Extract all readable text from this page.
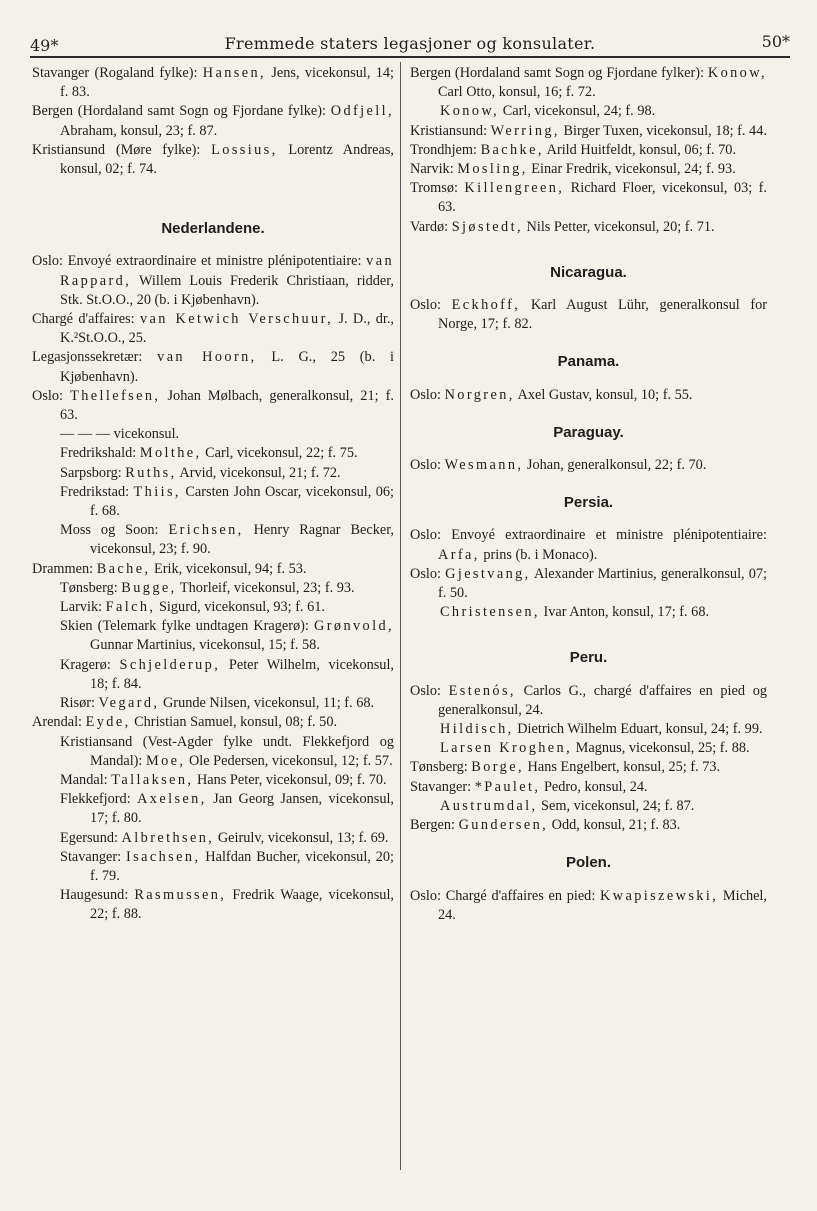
49*	Fremmede staters legasjoner og konsulater.	50*

Stavanger (Rogaland fylke): Hansen, Jens, vicekonsul, 14; f. 83.

Bergen (Hordaland samt Sogn og Fjordane fylke): Odfjell, Abraham, konsul, 23; f. 87.

Kristiansund (Møre fylke): Lossius, Lorentz Andreas, konsul, 02; f. 74.

Nederlandene.

Oslo: Envoyé extraordinaire et ministre plénipotentiaire: van Rappard, Willem Louis Frederik Christiaan, ridder, Stk. St.O.O., 20 (b. i Kjøbenhavn).

Chargé d'affaires: van Ketwich Verschuur, J. D., dr., K.²St.O.O., 25.

Legasjonssekretær: van Hoorn, L. G., 25 (b. i Kjøbenhavn).

Oslo: Thellefsen, Johan Mølbach, generalkonsul, 21; f. 63.

— — — vicekonsul.

Fredrikshald: Molthe, Carl, vicekonsul, 22; f. 75.

Sarpsborg: Ruths, Arvid, vicekonsul, 21; f. 72.

Fredrikstad: Thiis, Carsten John Oscar, vicekonsul, 06; f. 68.

Moss og Soon: Erichsen, Henry Ragnar Becker, vicekonsul, 23; f. 90.

Drammen: Bache, Erik, vicekonsul, 94; f. 53.

Tønsberg: Bugge, Thorleif, vicekonsul, 23; f. 93.

Larvik: Falch, Sigurd, vicekonsul, 93; f. 61.

Skien (Telemark fylke undtagen Kragerø): Grønvold, Gunnar Martinius, vicekonsul, 15; f. 58.

Kragerø: Schjelderup, Peter Wilhelm, vicekonsul, 18; f. 84.

Risør: Vegard, Grunde Nilsen, vicekonsul, 11; f. 68.

Arendal: Eyde, Christian Samuel, konsul, 08; f. 50.

Kristiansand (Vest-Agder fylke undt. Flekkefjord og Mandal): Moe, Ole Pedersen, vicekonsul, 12; f. 57.

Mandal: Tallaksen, Hans Peter, vicekonsul, 09; f. 70.

Flekkefjord: Axelsen, Jan Georg Jansen, vicekonsul, 17; f. 80.

Egersund: Albrethsen, Geirulv, vicekonsul, 13; f. 69.

Stavanger: Isachsen, Halfdan Bucher, vicekonsul, 20; f. 79.

Haugesund: Rasmussen, Fredrik Waage, vicekonsul, 22; f. 88.

Bergen (Hordaland samt Sogn og Fjordane fylker): Konow, Carl Otto, konsul, 16; f. 72.

Konow, Carl, vicekonsul, 24; f. 98.

Kristiansund: Werring, Birger Tuxen, vicekonsul, 18; f. 44.

Trondhjem: Bachke, Arild Huitfeldt, konsul, 06; f. 70.

Narvik: Mosling, Einar Fredrik, vicekonsul, 24; f. 93.

Tromsø: Killengreen, Richard Floer, vicekonsul, 03; f. 63.

Vardø: Sjøstedt, Nils Petter, vicekonsul, 20; f. 71.

Nicaragua.

Oslo: Eckhoff, Karl August Lühr, generalkonsul for Norge, 17; f. 82.

Panama.

Oslo: Norgren, Axel Gustav, konsul, 10; f. 55.

Paraguay.

Oslo: Wesmann, Johan, generalkonsul, 22; f. 70.

Persia.

Oslo: Envoyé extraordinaire et ministre plénipotentiaire: Arfa, prins (b. i Monaco).

Oslo: Gjestvang, Alexander Martinius, generalkonsul, 07; f. 50.

Christensen, Ivar Anton, konsul, 17; f. 68.

Peru.

Oslo: Estenós, Carlos G., chargé d'affaires en pied og generalkonsul, 24.

Hildisch, Dietrich Wilhelm Eduart, konsul, 24; f. 99.

Larsen Kroghen, Magnus, vicekonsul, 25; f. 88.

Tønsberg: Borge, Hans Engelbert, konsul, 25; f. 73.

Stavanger: *Paulet, Pedro, konsul, 24.

Austrumdal, Sem, vicekonsul, 24; f. 87.

Bergen: Gundersen, Odd, konsul, 21; f. 83.

Polen.

Oslo: Chargé d'affaires en pied: Kwapiszewski, Michel, 24.
